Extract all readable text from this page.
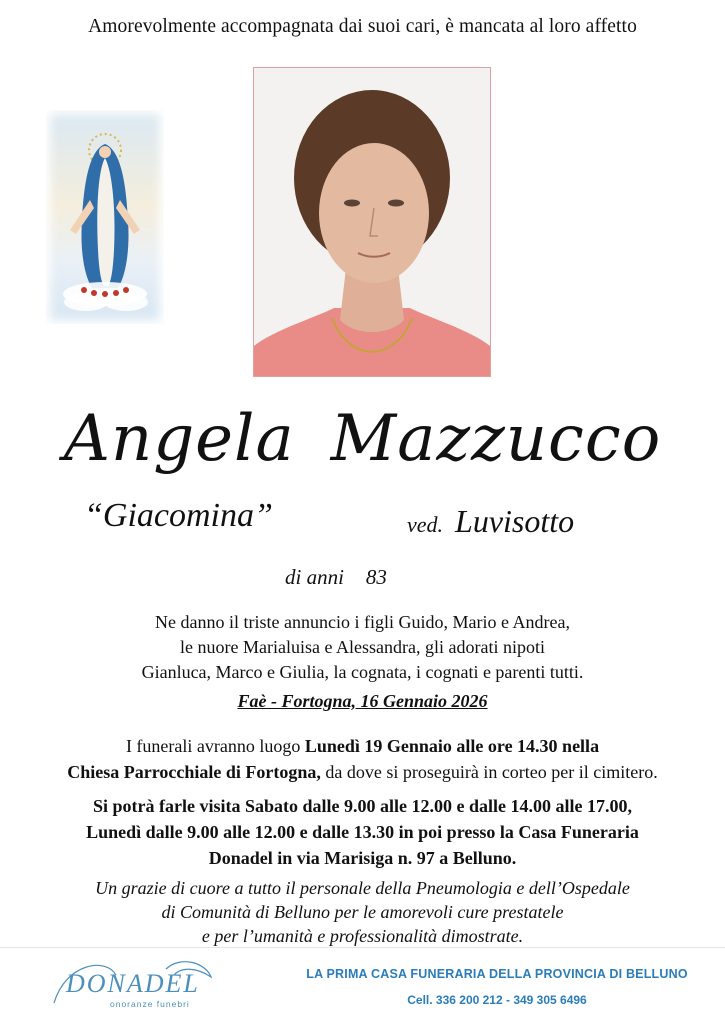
Amorevolmente accompagnata dai suoi cari, è mancata al loro affetto
Angela Mazzucco
“Giacomina”	ved. Luvisotto
di anni 83
Ne danno il triste annuncio i figli Guido, Mario e Andrea,
le nuore Marialuisa e Alessandra, gli adorati nipoti
Gianluca, Marco e Giulia, la cognata, i cognati e parenti tutti.
Faè - Fortogna, 16 Gennaio 2026
I funerali avranno luogo Lunedì 19 Gennaio alle ore 14.30 nella
Chiesa Parrocchiale di Fortogna, da dove si proseguirà in corteo per il cimitero.
Si potrà farle visita Sabato dalle 9.00 alle 12.00 e dalle 14.00 alle 17.00,
Lunedì dalle 9.00 alle 12.00 e dalle 13.30 in poi presso la Casa Funeraria
Donadel in via Marisiga n. 97 a Belluno.
Un grazie di cuore a tutto il personale della Pneumologia e dell’Ospedale
di Comunità di Belluno per le amorevoli cure prestatele
e per l’umanità e professionalità dimostrate.
DONADEL
onoranze funebri
LA PRIMA CASA FUNERARIA DELLA PROVINCIA DI BELLUNO
Cell. 336 200 212 - 349 305 6496
